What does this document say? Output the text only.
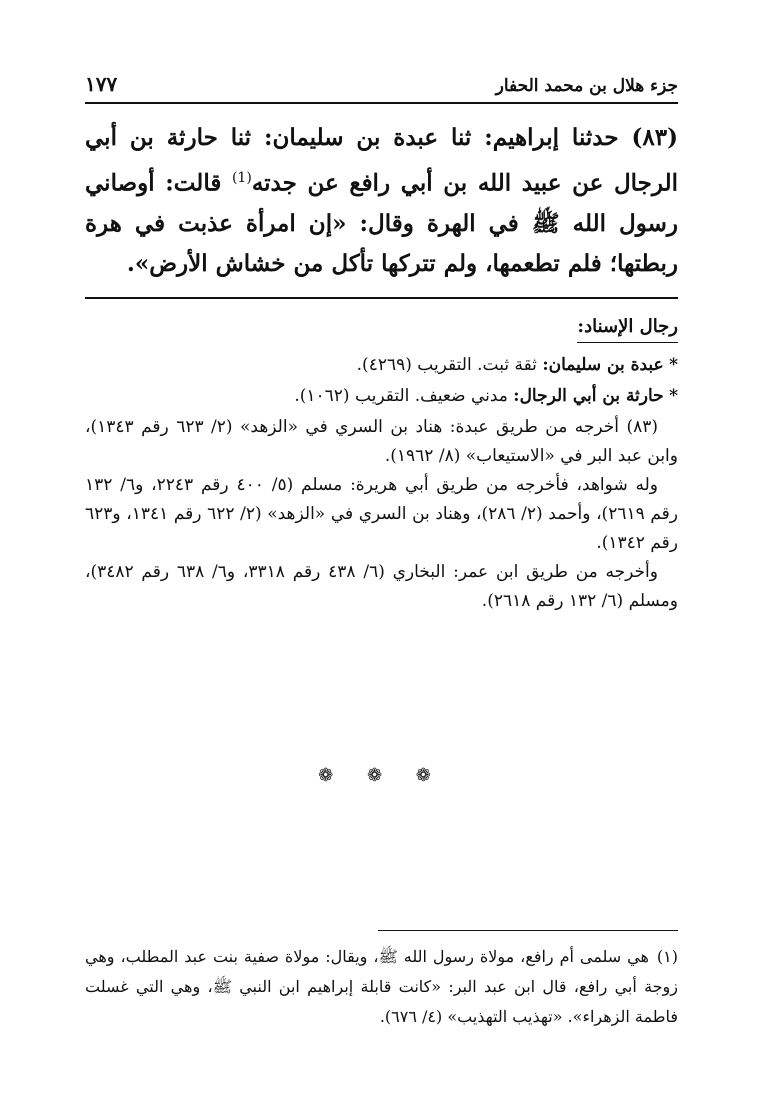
جزء هلال بن محمد الحفار
١٧٧
(٨٣) حدثنا إبراهيم: ثنا عبدة بن سليمان: ثنا حارثة بن أبي الرجال عن عبيد الله بن أبي رافع عن جدته$^{(1)}$ قالت: أوصاني رسول الله ﷺ في الهرة وقال: «إن امرأة عذبت في هرة ربطتها؛ فلم تطعمها، ولم تتركها تأكل من خشاش الأرض».
رجال الإسناد:

* عبدة بن سليمان: ثقة ثبت. التقريب (٤٢٦٩).

* حارثة بن أبي الرجال: مدني ضعيف. التقريب (١٠٦٢).

(٨٣) أخرجه من طريق عبدة: هناد بن السري في «الزهد» (٢/ ٦٢٣ رقم ١٣٤٣)، وابن عبد البر في «الاستيعاب» (٨/ ١٩٦٢).

وله شواهد، فأخرجه من طريق أبي هريرة: مسلم (٥/ ٤٠٠ رقم ٢٢٤٣، و٦/ ١٣٢ رقم ٢٦١٩)، وأحمد (٢/ ٢٨٦)، وهناد بن السري في «الزهد» (٢/ ٦٢٢ رقم ١٣٤١، و٦٢٣ رقم ١٣٤٢).

وأخرجه من طريق ابن عمر: البخاري (٦/ ٤٣٨ رقم ٣٣١٨، و٦/ ٦٣٨ رقم ٣٤٨٢)، ومسلم (٦/ ١٣٢ رقم ٢٦١٨).

❁ ❁ ❁
(١)هي سلمى أم رافع، مولاة رسول الله ﷺ، ويقال: مولاة صفية بنت عبد المطلب، وهي زوجة أبي رافع، قال ابن عبد البر: «كانت قابلة إبراهيم ابن النبي ﷺ، وهي التي غسلت فاطمة الزهراء». «تهذيب التهذيب» (٤/ ٦٧٦).
